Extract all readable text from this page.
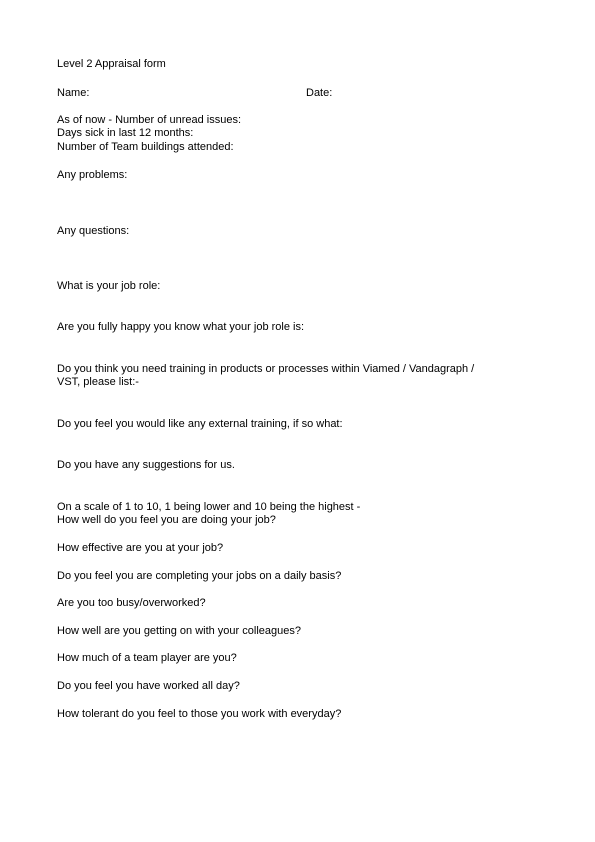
Level 2 Appraisal form

Name:	Date:

As of now - Number of unread issues:

Days sick in last 12 months:

Number of Team buildings attended:

Any problems:

Any questions:

What is your job role:

Are you fully happy you know what your job role is:

Do you think you need training in products or processes within Viamed / Vandagraph /

VST, please list:-

Do you feel you would like any external training, if so what:

Do you have any suggestions for us.

On a scale of 1 to 10, 1 being lower and 10 being the highest -

How well do you feel you are doing your job?

How effective are you at your job?

Do you feel you are completing your jobs on a daily basis?

Are you too busy/overworked?

How well are you getting on with your colleagues?

How much of a team player are you?

Do you feel you have worked all day?

How tolerant do you feel to those you work with everyday?
